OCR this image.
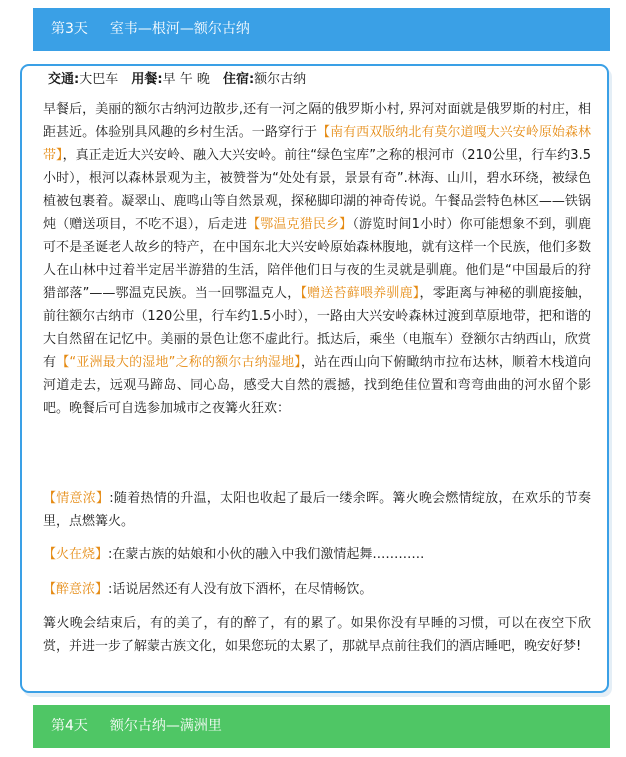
第3天 室韦—根河—额尔古纳
交通:大巴车 用餐:早 午 晚 住宿:额尔古纳

早餐后，美丽的额尔古纳河边散步,还有一河之隔的俄罗斯小村, 界河对面就是俄罗斯的村庄，相距甚近。体验别具风趣的乡村生活。一路穿行于【南有西双版纳北有莫尔道嘎大兴安岭原始森林带】，真正走近大兴安岭、融入大兴安岭。前往“绿色宝库”之称的根河市（210公里，行车约3.5小时），根河以森林景观为主，被赞誉为“处处有景，景景有奇”.林海、山川，碧水环绕，被绿色植被包裹着。凝翠山、鹿鸣山等自然景观，探秘脚印湖的神奇传说。午餐品尝特色林区——铁锅炖（赠送项目，不吃不退），后走进【鄂温克猎民乡】（游览时间1小时）你可能想象不到，驯鹿可不是圣诞老人故乡的特产，在中国东北大兴安岭原始森林腹地，就有这样一个民族，他们多数人在山林中过着半定居半游猎的生活，陪伴他们日与夜的生灵就是驯鹿。他们是“中国最后的狩猎部落”——鄂温克民族。当一回鄂温克人，【赠送苔藓喂养驯鹿】，零距离与神秘的驯鹿接触，前往额尔古纳市（120公里，行车约1.5小时），一路由大兴安岭森林过渡到草原地带，把和谐的大自然留在记忆中。美丽的景色让您不虚此行。抵达后，乘坐（电瓶车）登额尔古纳西山，欣赏有【“亚洲最大的湿地”之称的额尔古纳湿地】，站在西山向下俯瞰纳市拉布达林，顺着木栈道向河道走去，远观马蹄岛、同心岛，感受大自然的震撼，找到绝佳位置和弯弯曲曲的河水留个影吧。晚餐后可自选参加城市之夜篝火狂欢：

【情意浓】:随着热情的升温，太阳也收起了最后一缕余晖。篝火晚会燃情绽放，在欢乐的节奏里，点燃篝火。

【火在烧】:在蒙古族的姑娘和小伙的融入中我们激情起舞…………

【醉意浓】:话说居然还有人没有放下酒杯，在尽情畅饮。

篝火晚会结束后，有的美了，有的醉了，有的累了。如果你没有早睡的习惯，可以在夜空下欣赏，并进一步了解蒙古族文化，如果您玩的太累了，那就早点前往我们的酒店睡吧，晚安好梦!

第4天 额尔古纳—满洲里
